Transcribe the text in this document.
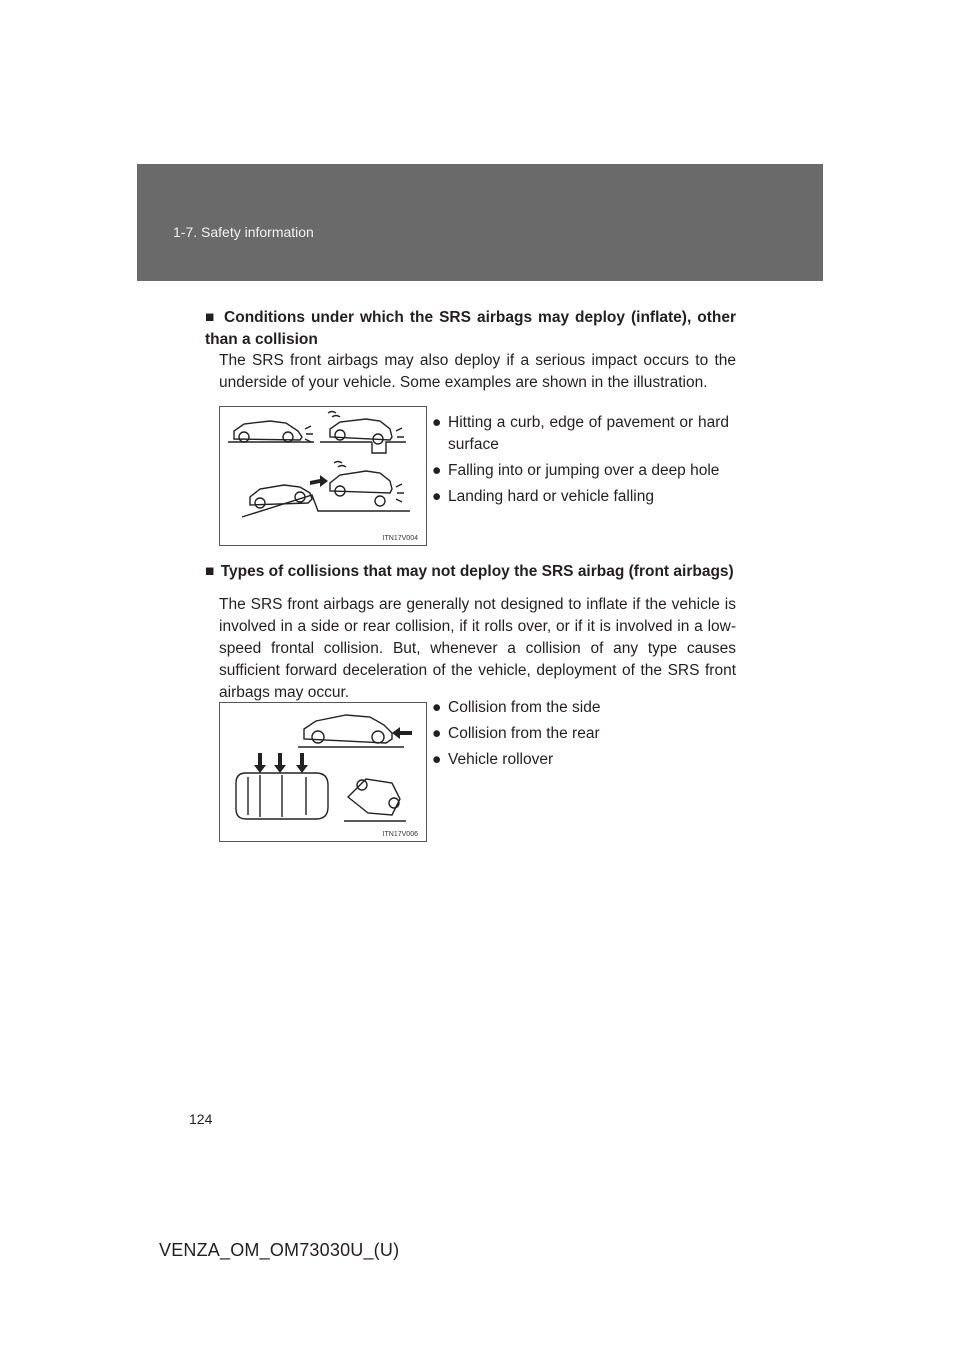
1-7. Safety information
■ Conditions under which the SRS airbags may deploy (inflate), other than a collision
The SRS front airbags may also deploy if a serious impact occurs to the underside of your vehicle. Some examples are shown in the illustration.
ITN17V004
● Hitting a curb, edge of pavement or hard surface
● Falling into or jumping over a deep hole
● Landing hard or vehicle falling
■ Types of collisions that may not deploy the SRS airbag (front airbags)
The SRS front airbags are generally not designed to inflate if the vehicle is involved in a side or rear collision, if it rolls over, or if it is involved in a low-speed frontal collision. But, whenever a collision of any type causes sufficient forward deceleration of the vehicle, deployment of the SRS front airbags may occur.
ITN17V006
● Collision from the side
● Collision from the rear
● Vehicle rollover
124
VENZA_OM_OM73030U_(U)
